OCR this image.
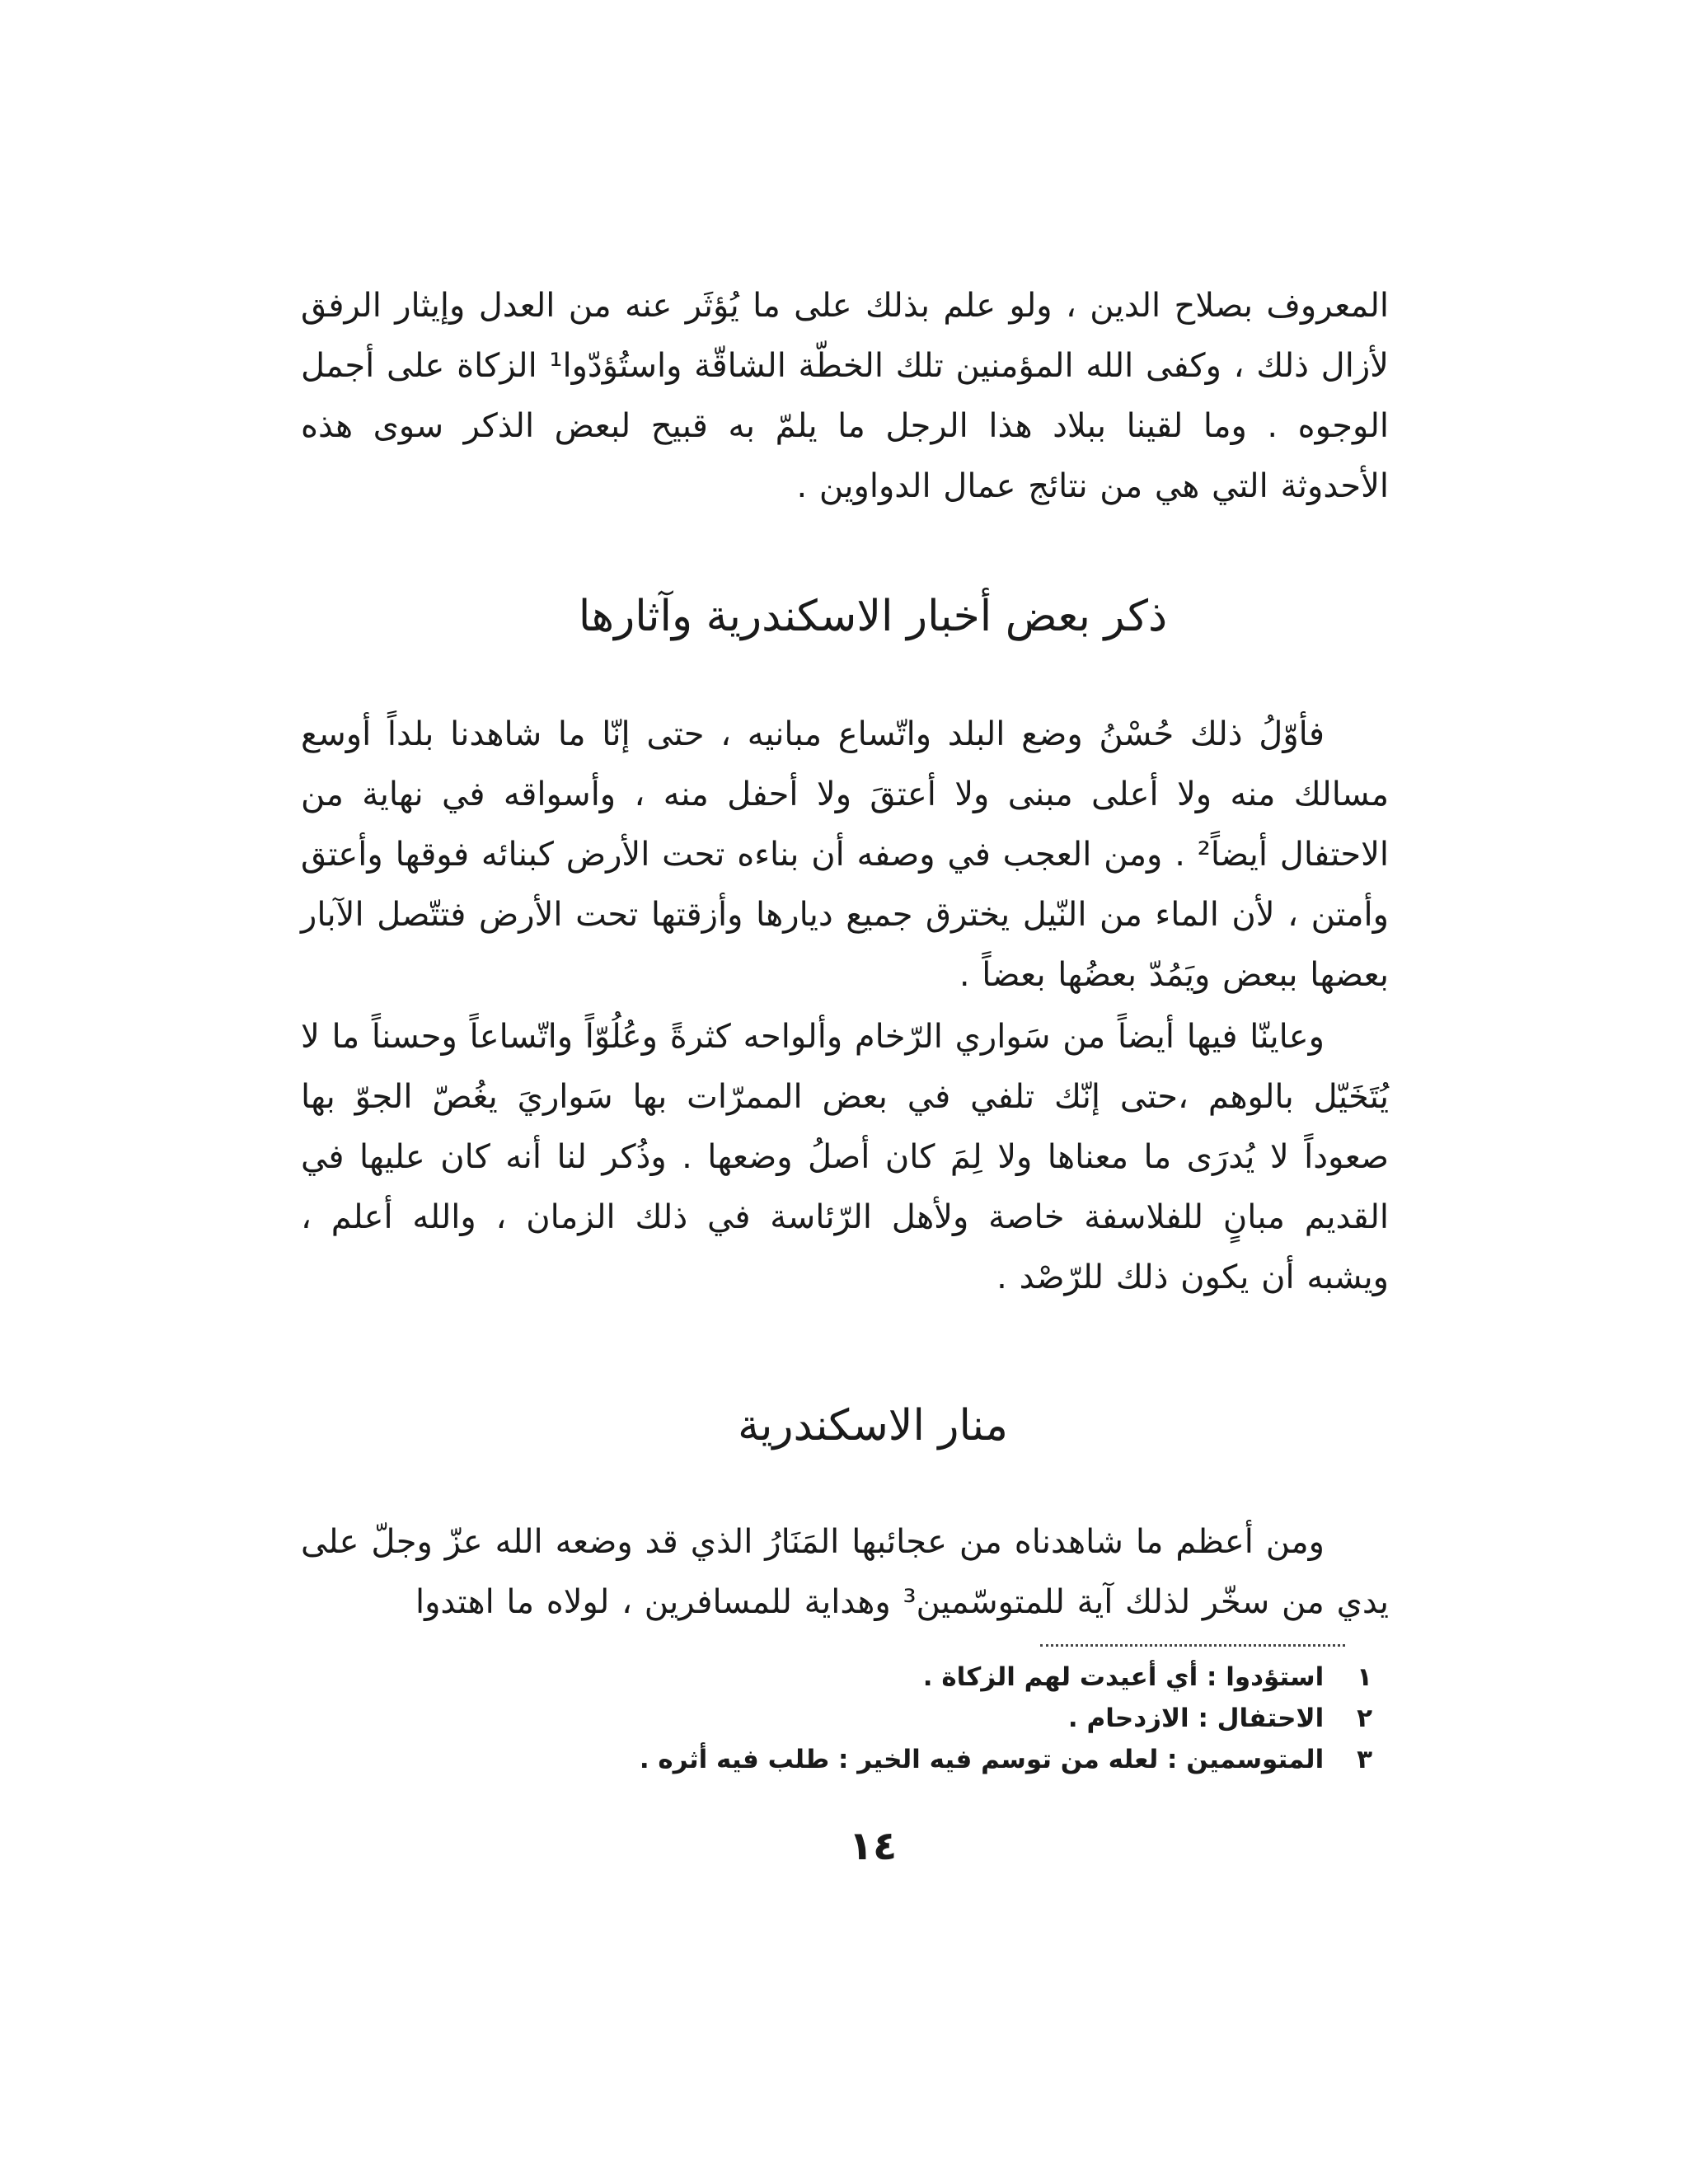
المعروف بصلاح الدين ، ولو علم بذلك على ما يُؤثَر عنه من العدل وإيثار الرفق لأزال ذلك ، وكفى الله المؤمنين تلك الخطّة الشاقّة واستُؤدّوا¹ الزكاة على أجمل الوجوه . وما لقينا ببلاد هذا الرجل ما يلمّ به قبيح لبعض الذكر سوى هذه الأحدوثة التي هي من نتائج عمال الدواوين .

ذكر بعض أخبار الاسكندرية وآثارها

فأوّلُ ذلك حُسْنُ وضع البلد واتّساع مبانيه ، حتى إنّا ما شاهدنا بلداً أوسع مسالك منه ولا أعلى مبنى ولا أعتقَ ولا أحفل منه ، وأسواقه في نهاية من الاحتفال أيضاً² . ومن العجب في وصفه أن بناءه تحت الأرض كبنائه فوقها وأعتق وأمتن ، لأن الماء من النّيل يخترق جميع ديارها وأزقتها تحت الأرض فتتّصل الآبار بعضها ببعض ويَمُدّ بعضُها بعضاً .

وعاينّا فيها أيضاً من سَواري الرّخام وألواحه كثرةً وعُلُوّاً واتّساعاً وحسناً ما لا يُتَخَيّل بالوهم ،حتى إنّك تلفي في بعض الممرّات بها سَواريَ يغُصّ الجوّ بها صعوداً لا يُدرَى ما معناها ولا لِمَ كان أصلُ وضعها . وذُكر لنا أنه كان عليها في القديم مبانٍ للفلاسفة خاصة ولأهل الرّئاسة في ذلك الزمان ، والله أعلم ، ويشبه أن يكون ذلك للرّصْد .

منار الاسكندرية

ومن أعظم ما شاهدناه من عجائبها المَنَارُ الذي قد وضعه الله عزّ وجلّ على يدي من سخّر لذلك آية للمتوسّمين³ وهداية للمسافرين ، لولاه ما اهتدوا

١ استؤدوا : أي أعيدت لهم الزكاة .

٢ الاحتفال : الازدحام .

٣ المتوسمين : لعله من توسم فيه الخير : طلب فيه أثره .

١٤
